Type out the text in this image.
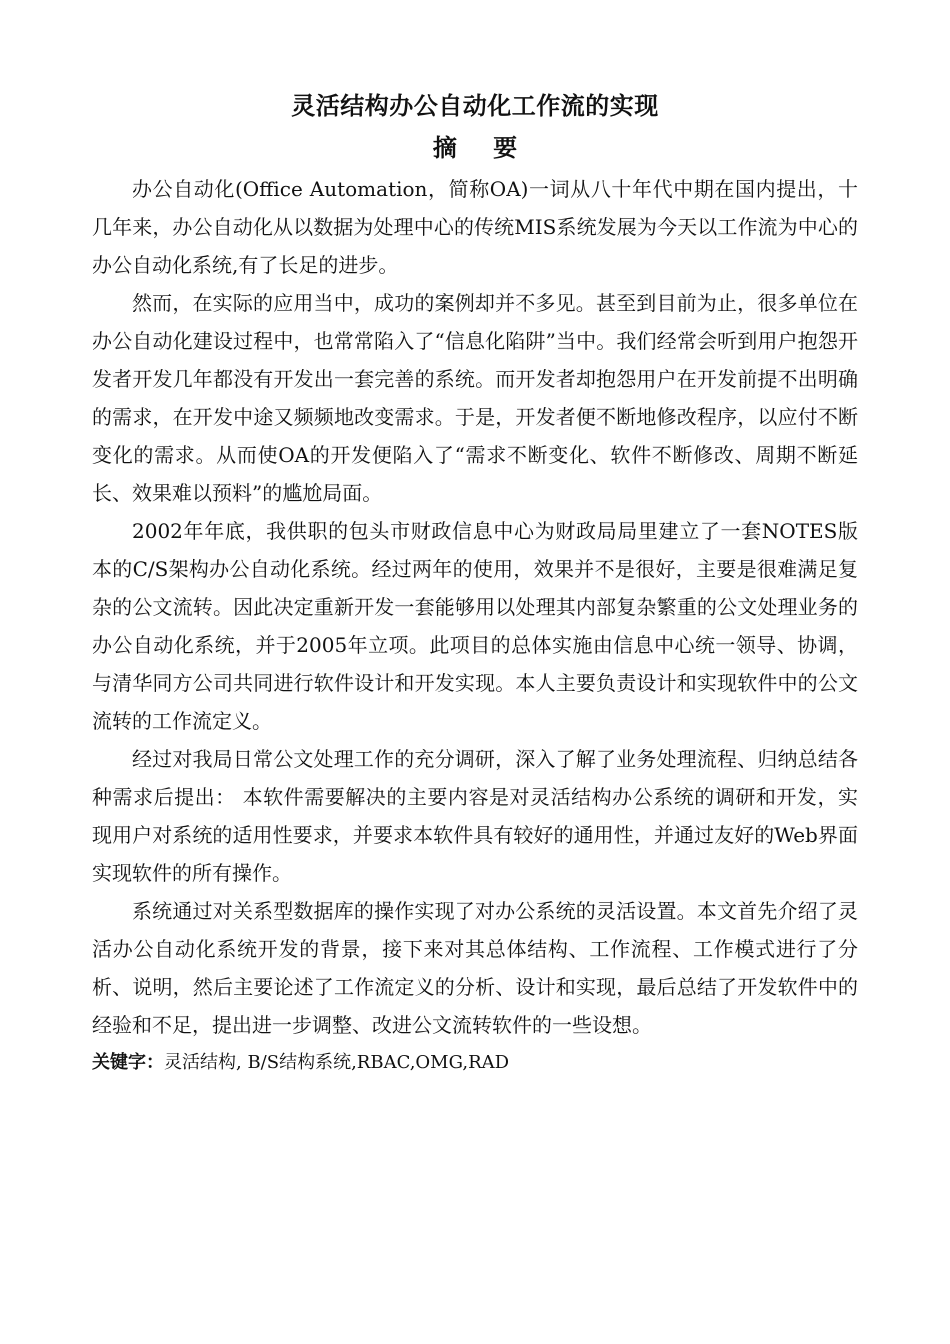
灵活结构办公自动化工作流的实现
摘 要

办公自动化(Office Automation，简称OA)一词从八十年代中期在国内提出，十几年来，办公自动化从以数据为处理中心的传统MIS系统发展为今天以工作流为中心的办公自动化系统,有了长足的进步。

然而，在实际的应用当中，成功的案例却并不多见。甚至到目前为止，很多单位在办公自动化建设过程中，也常常陷入了“信息化陷阱”当中。我们经常会听到用户抱怨开发者开发几年都没有开发出一套完善的系统。而开发者却抱怨用户在开发前提不出明确的需求，在开发中途又频频地改变需求。于是，开发者便不断地修改程序，以应付不断变化的需求。从而使OA的开发便陷入了“需求不断变化、软件不断修改、周期不断延长、效果难以预料”的尴尬局面。

2002年年底，我供职的包头市财政信息中心为财政局局里建立了一套NOTES版本的C/S架构办公自动化系统。经过两年的使用，效果并不是很好，主要是很难满足复杂的公文流转。因此决定重新开发一套能够用以处理其内部复杂繁重的公文处理业务的办公自动化系统，并于2005年立项。此项目的总体实施由信息中心统一领导、协调，与清华同方公司共同进行软件设计和开发实现。本人主要负责设计和实现软件中的公文流转的工作流定义。

经过对我局日常公文处理工作的充分调研，深入了解了业务处理流程、归纳总结各种需求后提出： 本软件需要解决的主要内容是对灵活结构办公系统的调研和开发，实现用户对系统的适用性要求，并要求本软件具有较好的通用性，并通过友好的Web界面实现软件的所有操作。

系统通过对关系型数据库的操作实现了对办公系统的灵活设置。本文首先介绍了灵活办公自动化系统开发的背景，接下来对其总体结构、工作流程、工作模式进行了分析、说明，然后主要论述了工作流定义的分析、设计和实现，最后总结了开发软件中的经验和不足，提出进一步调整、改进公文流转软件的一些设想。

关键字：灵活结构, B/S结构系统,RBAC,OMG,RAD
